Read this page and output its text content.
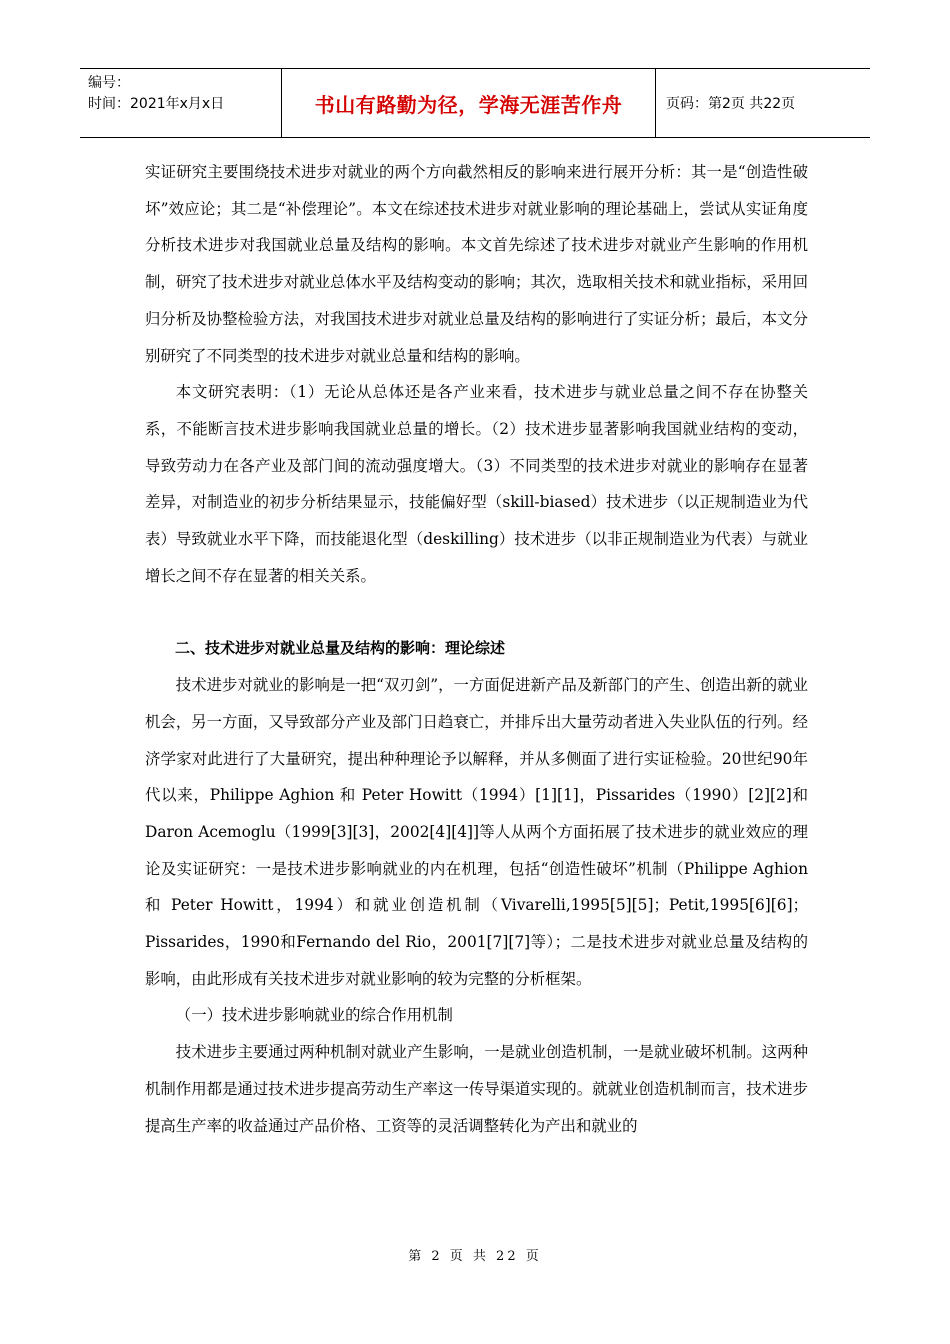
编号：
时间：2021年x月x日	书山有路勤为径，学海无涯苦作舟	页码：第2页 共22页

实证研究主要围绕技术进步对就业的两个方向截然相反的影响来进行展开分析：其一是“创造性破坏”效应论；其二是“补偿理论”。本文在综述技术进步对就业影响的理论基础上，尝试从实证角度分析技术进步对我国就业总量及结构的影响。本文首先综述了技术进步对就业产生影响的作用机制，研究了技术进步对就业总体水平及结构变动的影响；其次，选取相关技术和就业指标，采用回归分析及协整检验方法，对我国技术进步对就业总量及结构的影响进行了实证分析；最后，本文分别研究了不同类型的技术进步对就业总量和结构的影响。

本文研究表明：（1）无论从总体还是各产业来看，技术进步与就业总量之间不存在协整关系，不能断言技术进步影响我国就业总量的增长。（2）技术进步显著影响我国就业结构的变动，导致劳动力在各产业及部门间的流动强度增大。（3）不同类型的技术进步对就业的影响存在显著差异，对制造业的初步分析结果显示，技能偏好型（skill-biased）技术进步（以正规制造业为代表）导致就业水平下降，而技能退化型（deskilling）技术进步（以非正规制造业为代表）与就业增长之间不存在显著的相关关系。

二、技术进步对就业总量及结构的影响：理论综述

技术进步对就业的影响是一把“双刃剑”，一方面促进新产品及新部门的产生、创造出新的就业机会，另一方面，又导致部分产业及部门日趋衰亡，并排斥出大量劳动者进入失业队伍的行列。经济学家对此进行了大量研究，提出种种理论予以解释，并从多侧面了进行实证检验。20世纪90年代以来，Philippe Aghion 和 Peter Howitt（1994）[1][1]，Pissarides（1990）[2][2]和Daron Acemoglu（1999[3][3]，2002[4][4]]等人从两个方面拓展了技术进步的就业效应的理论及实证研究：一是技术进步影响就业的内在机理，包括“创造性破坏”机制（Philippe Aghion 和 Peter Howitt，1994）和就业创造机制（Vivarelli,1995[5][5]；Petit,1995[6][6]；Pissarides，1990和Fernando del Rio，2001[7][7]等）；二是技术进步对就业总量及结构的影响，由此形成有关技术进步对就业影响的较为完整的分析框架。

（一）技术进步影响就业的综合作用机制

技术进步主要通过两种机制对就业产生影响，一是就业创造机制，一是就业破坏机制。这两种机制作用都是通过技术进步提高劳动生产率这一传导渠道实现的。就就业创造机制而言，技术进步提高生产率的收益通过产品价格、工资等的灵活调整转化为产出和就业的

第 2 页 共 22 页
